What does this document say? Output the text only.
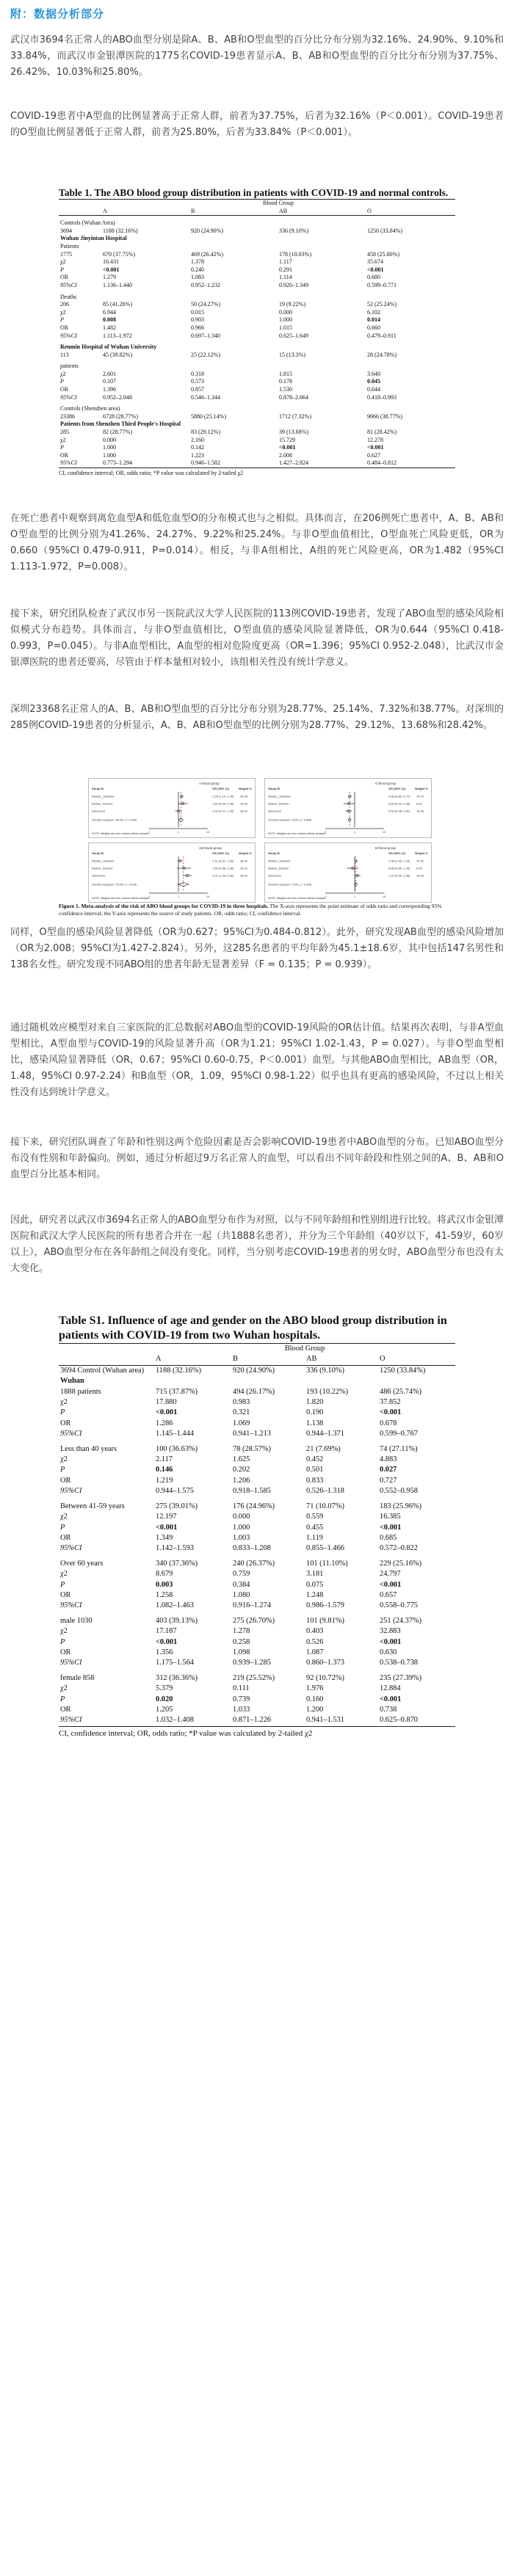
附：数据分析部分
武汉市3694名正常人的ABO血型分别是除A、B、AB和O型血型的百分比分布分别为32.16%、24.90%、9.10%和33.84%，而武汉市金银潭医院的1775名COVID-19患者显示A、B、AB和O型血型的百分比分布分别为37.75%、26.42%、10.03%和25.80%。
COVID-19患者中A型血的比例显著高于正常人群，前者为37.75%，后者为32.16%（P＜0.001）。COVID-19患者的O型血比例显著低于正常人群，前者为25.80%，后者为33.84%（P＜0.001）。
Table 1. The ABO blood group distribution in patients with COVID-19 and normal controls.
	Blood Group			
	A	B	AB	O
Controls (Wuhan Area)				
3694	1188 (32.16%)	920 (24.90%)	336 (9.10%)	1250 (33.84%)
Wuhan Jinyintan Hospital				
Patients				
1775	670 (37.75%)	469 (26.42%)	178 (10.03%)	458 (25.80%)
χ2	16.431	1.378	1.117	35.674
P	<0.001	0.240	0.291	<0.001
OR	1.279	1.083	1.114	0.680
95%CI	1.136–1.440	0.952–1.232	0.920–1.349	0.599–0.771
Deaths				
206	85 (41.26%)	50 (24.27%)	19 (9.22%)	52 (25.24%)
χ2	6.944	0.015	0.000	6.102
P	0.008	0.903	1.000	0.014
OR	1.482	0.966	1.015	0.660
95%CI	1.113–1.972	0.697–1.340	0.625–1.649	0.479–0.911
Renmin Hospital of Wuhan University				
113	45 (39.82%)	25 (22.12%)	15 (13.3%)	28 (24.78%)
patients				
χ2	2.601	0.318	1.815	3.640
P	0.107	0.573	0.178	0.045
OR	1.396	0.857	1.530	0.644
95%CI	0.952–2.048	0.546–1.344	0.878–2.664	0.418–0.993
Controls (Shenzhen area)				
23386	6728 (28.77%)	5880 (25.14%)	1712 (7.32%)	9066 (38.77%)
Patients from Shenzhen Third People's Hospital				
285	82 (28.77%)	83 (29.12%)	39 (13.68%)	81 (28.42%)
χ2	0.000	2.160	15.729	12.278
P	1.000	0.142	<0.001	<0.001
OR	1.000	1.223	2.008	0.627
95%CI	0.773–1.294	0.946–1.582	1.427–2.824	0.484–0.812
CI, confidence interval; OR, odds ratio; *P value was calculated by 2-tailed χ2
在死亡患者中观察到离危血型A和低危血型O的分布模式也与之相似。具体而言，在206例死亡患者中，A、B、AB和O型血型的比例分别为41.26%、24.27%、9.22%和25.24%。与非O型血值相比，O型血死亡风险更低，OR为0.660（95%CI 0.479-0.911，P=0.014）。相反，与非A组相比，A组的死亡风险更高，OR为1.482（95%CI 1.113-1.972，P=0.008）。
接下来，研究团队检查了武汉市另一医院武汉大学人民医院的113例COVID-19患者，发现了ABO血型的感染风险相似模式分布趋势。具体而言，与非O型血值相比，O型血值的感染风险显著降低，OR为0.644（95%CI 0.418-0.993，P=0.045）。与非A血型相比，A血型的相对危险度更高（OR=1.396；95%CI 0.952-2.048），比武汉市金银潭医院的患者还要高，尽管由于样本量相对较小，该组相关性没有统计学意义。
深圳23368名正常人的A、B、AB和O型血型的百分比分布分别为28.77%、25.14%、7.32%和38.77%。对深圳的285例COVID-19患者的分析显示，A、B、AB和O型血型的比例分别为28.77%、29.12%、13.68%和28.42%。
Figure 1. Meta-analysis of the risk of ABO blood groups for COVID-19 in three hospitals. The X-axis represents the point estimate of odds ratio and corresponding 95% confidence interval; the Y-axis represents the source of study patients. OR, odds ratio; CI, confidence interval.
A blood group
Study ID	OR (95% CI)	Weight %
Wuhan_Jinyintan	1.28 (1.14, 1.44) 45.48
Wuhan_Renmin	1.40 (0.95, 2.05) 15.09
Shenzhen	1.00 (0.77, 1.29) 39.42
Overall (I-squared = 68.9%, p = 0.040)
NOTE: Weights are from random effects analysis
.1	1	10
O blood group
Study ID	OR (95% CI)	Weight %
Wuhan_Jinyintan	0.68 (0.60, 0.77) 74.73
Wuhan_Renmin	0.64 (0.42, 0.99) 6.91
Shenzhen	0.63 (0.48, 0.81) 18.36
Overall (I-squared = 0.0%, p = 0.865)
NOTE: Weights are from random effects analysis
.1	1	10
AB blood group
Study ID	OR (95% CI)	Weight %
Wuhan_Jinyintan	1.11 (0.92, 1.35) 38.90
Wuhan_Renmin	1.53 (0.88, 2.66) 25.10
Shenzhen	2.01 (1.43, 2.82) 36.00
Overall (I-squared = 76.3%, p = 0.015)
NOTE: Weights are from random effects analysis
.1	1	10
B blood group
Study ID	OR (95% CI)	Weight %
Wuhan_Jinyintan	1.08 (0.95, 1.23) 74.92
Wuhan_Renmin	0.86 (0.55, 1.34) 6.45
Shenzhen	1.22 (0.95, 1.58) 18.63
Overall (I-squared = 0.0%, p = 0.405)
NOTE: Weights are from random effects analysis
.1	1	10
同样，O型血的感染风险显著降低（OR为0.627；95%CI为0.484-0.812）。此外，研究发现AB血型的感染风险增加（OR为2.008；95%CI为1.427-2.824）。另外，这285名患者的平均年龄为45.1±18.6岁，其中包括147名男性和138名女性。研究发现不同ABO组的患者年龄无显著差异（F = 0.135；P = 0.939）。
通过随机效应模型对来自三家医院的汇总数据对ABO血型的COVID-19风险的OR估计值。结果再次表明，与非A型血型相比，A型血型与COVID-19的风险显著升高（OR为1.21；95%CI 1.02-1.43，P = 0.027）。与非O型血型相比，感染风险显著降低（OR，0.67；95%CI 0.60-0.75，P＜0.001）血型。与其他ABO血型相比，AB血型（OR，1.48，95%CI 0.97-2.24）和B血型（OR，1.09，95%CI 0.98-1.22）似乎也具有更高的感染风险，不过以上相关性没有达到统计学意义。
接下来，研究团队调查了年龄和性别这两个危险因素是否会影响COVID-19患者中ABO血型的分布。已知ABO血型分布没有性别和年龄偏向。例如，通过分析超过9万名正常人的血型，可以看出不同年龄段和性别之间的A、B、AB和O血型百分比基本相同。
因此，研究者以武汉市3694名正常人的ABO血型分布作为对照，以与不同年龄组和性别组进行比较。将武汉市金银潭医院和武汉大学人民医院的所有患者合并在一起（共1888名患者），并分为三个年龄组（40岁以下，41-59岁，60岁以上），ABO血型分布在各年龄组之间没有变化。同样，当分别考虑COVID-19患者的男女时，ABO血型分布也没有太大变化。
Table S1. Influence of age and gender on the ABO blood group distribution in patients with COVID-19 from two Wuhan hospitals.
	Blood Group			
	A	B	AB	O
3694 Control (Wuhan area)	1188 (32.16%)	920 (24.90%)	336 (9.10%)	1250 (33.84%)
Wuhan				
1888 patients	715 (37.87%)	494 (26.17%)	193 (10.22%)	486 (25.74%)
χ2	17.880	0.983	1.820	37.852
P	<0.001	0.321	0.190	<0.001
OR	1.286	1.069	1.138	0.678
95%CI	1.145–1.444	0.941–1.213	0.944–1.371	0.599–0.767
Less than 40 years	100 (36.63%)	78 (28.57%)	21 (7.69%)	74 (27.11%)
χ2	2.117	1.625	0.452	4.883
P	0.146	0.202	0.501	0.027
OR	1.219	1.206	0.833	0.727
95%CI	0.944–1.575	0.918–1.585	0.526–1.318	0.552–0.958
Between 41-59 years	275 (39.01%)	176 (24.96%)	71 (10.07%)	183 (25.96%)
χ2	12.197	0.000	0.559	16.385
P	<0.001	1.000	0.455	<0.001
OR	1.349	1.003	1.119	0.685
95%CI	1.142–1.593	0.833–1.208	0.855–1.466	0.572–0.822
Over 60 years	340 (37.36%)	240 (26.37%)	101 (11.10%)	229 (25.16%)
χ2	8.679	0.759	3.181	24.797
P	0.003	0.384	0.075	<0.001
OR	1.258	1.080	1.248	0.657
95%CI	1.082–1.463	0.916–1.274	0.986–1.579	0.558–0.775
male 1030	403 (39.13%)	275 (26.70%)	101 (9.81%)	251 (24.37%)
χ2	17.187	1.278	0.403	32.883
P	<0.001	0.258	0.526	<0.001
OR	1.356	1.098	1.087	0.630
95%CI	1.175–1.564	0.939–1.285	0.860–1.373	0.538–0.738
female 858	312 (36.36%)	219 (25.52%)	92 (10.72%)	235 (27.39%)
χ2	5.379	0.111	1.976	12.884
P	0.020	0.739	0.160	<0.001
OR	1.205	1.033	1.200	0.738
95%CI	1.032–1.408	0.871–1.226	0.941–1.531	0.625–0.870
CI, confidence interval; OR, odds ratio; *P value was calculated by 2-tailed χ2
